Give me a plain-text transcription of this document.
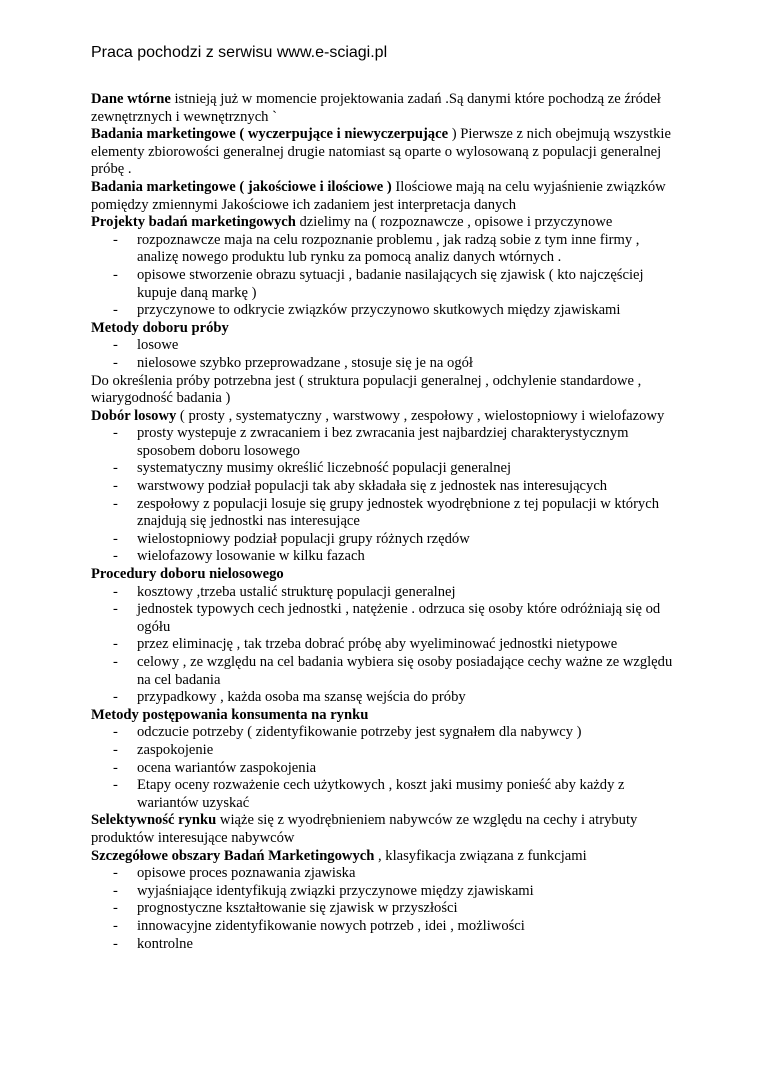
Praca pochodzi z serwisu www.e-sciagi.pl

Dane wtórne istnieją już w momencie projektowania zadań .Są danymi które pochodzą ze źródeł zewnętrznych i wewnętrznych `

Badania marketingowe ( wyczerpujące i niewyczerpujące ) Pierwsze z nich obejmują wszystkie elementy zbiorowości generalnej drugie natomiast są oparte o wylosowaną z populacji generalnej próbę .

Badania marketingowe ( jakościowe i ilościowe ) Ilościowe mają na celu wyjaśnienie związków pomiędzy zmiennymi Jakościowe ich zadaniem jest interpretacja danych

Projekty badań marketingowych dzielimy na ( rozpoznawcze , opisowe i przyczynowe

- rozpoznawcze maja na celu rozpoznanie problemu , jak radzą sobie z tym inne firmy , analizę nowego produktu lub rynku za pomocą analiz danych wtórnych .
- opisowe stworzenie obrazu sytuacji , badanie nasilających się zjawisk ( kto najczęściej kupuje daną markę )
- przyczynowe to odkrycie związków przyczynowo skutkowych między zjawiskami

Metody doboru próby

- losowe
- nielosowe szybko przeprowadzane , stosuje się je na ogół

Do określenia próby potrzebna jest ( struktura populacji generalnej , odchylenie standardowe , wiarygodność badania )

Dobór losowy ( prosty , systematyczny , warstwowy , zespołowy , wielostopniowy i wielofazowy

- prosty wystepuje z zwracaniem i bez zwracania jest najbardziej charakterystycznym sposobem doboru losowego
- systematyczny musimy określić liczebność populacji generalnej
- warstwowy podział populacji tak aby składała się z jednostek nas interesujących
- zespołowy z populacji losuje się grupy jednostek wyodrębnione z tej populacji w których znajdują się jednostki nas interesujące
- wielostopniowy podział populacji grupy różnych rzędów
- wielofazowy losowanie w kilku fazach

Procedury doboru nielosowego

- kosztowy ,trzeba ustalić strukturę populacji generalnej
- jednostek typowych cech jednostki , natężenie . odrzuca się osoby które odróżniają się od ogółu
- przez eliminację , tak trzeba dobrać próbę aby wyeliminować jednostki nietypowe
- celowy , ze względu na cel badania wybiera się osoby posiadające cechy ważne ze względu na cel badania
- przypadkowy , każda osoba ma szansę wejścia do próby

Metody postępowania konsumenta na rynku

- odczucie potrzeby ( zidentyfikowanie potrzeby jest sygnałem dla nabywcy )
- zaspokojenie
- ocena wariantów zaspokojenia
- Etapy oceny rozważenie cech użytkowych , koszt jaki musimy ponieść aby każdy z wariantów uzyskać

Selektywność rynku wiąże się z wyodrębnieniem nabywców ze względu na cechy i atrybuty produktów interesujące nabywców

Szczegółowe obszary Badań Marketingowych , klasyfikacja związana z funkcjami

- opisowe proces poznawania zjawiska
- wyjaśniające identyfikują związki przyczynowe między zjawiskami
- prognostyczne kształtowanie się zjawisk w przyszłości
- innowacyjne zidentyfikowanie nowych potrzeb , idei , możliwości
- kontrolne
